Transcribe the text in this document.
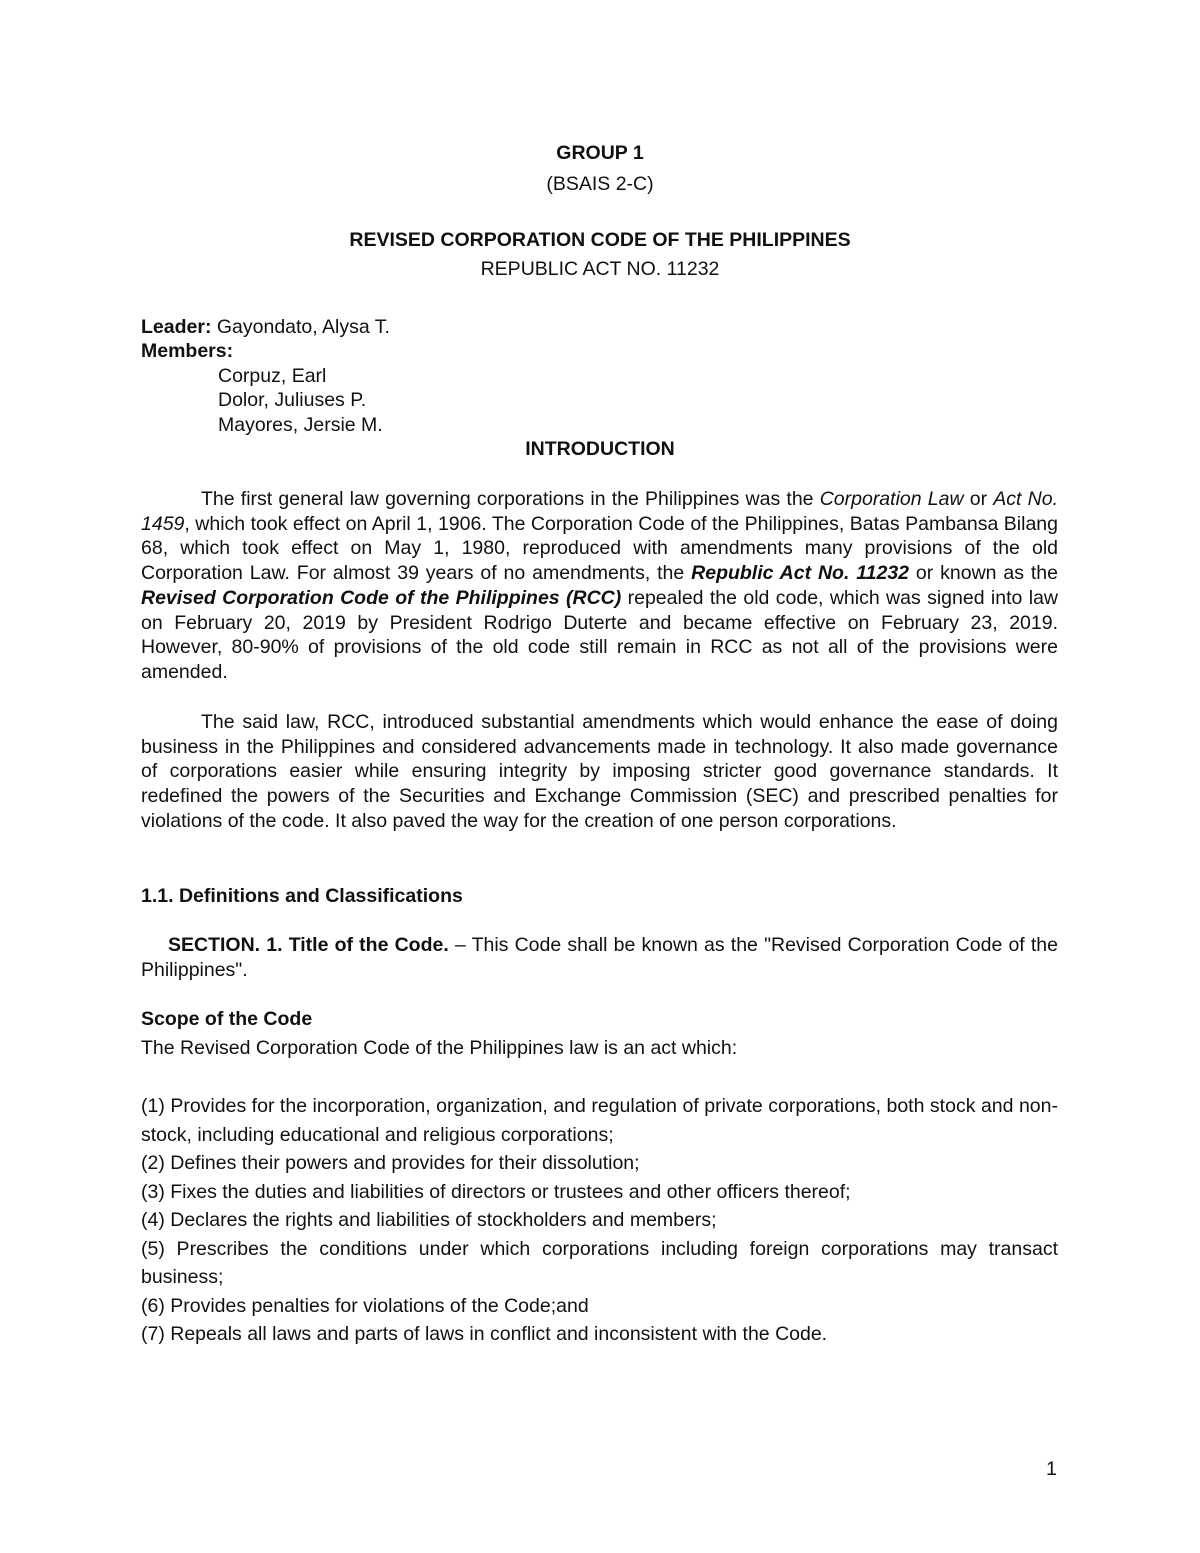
GROUP 1
(BSAIS 2-C)
REVISED CORPORATION CODE OF THE PHILIPPINES
REPUBLIC ACT NO. 11232
Leader: Gayondato, Alysa T.
Members:
Corpuz, Earl
Dolor, Juliuses P.
Mayores, Jersie M.
INTRODUCTION

The first general law governing corporations in the Philippines was the Corporation Law or Act No. 1459, which took effect on April 1, 1906. The Corporation Code of the Philippines, Batas Pambansa Bilang 68, which took effect on May 1, 1980, reproduced with amendments many provisions of the old Corporation Law. For almost 39 years of no amendments, the Republic Act No. 11232 or known as the Revised Corporation Code of the Philippines (RCC) repealed the old code, which was signed into law on February 20, 2019 by President Rodrigo Duterte and became effective on February 23, 2019. However, 80-90% of provisions of the old code still remain in RCC as not all of the provisions were amended.

The said law, RCC, introduced substantial amendments which would enhance the ease of doing business in the Philippines and considered advancements made in technology. It also made governance of corporations easier while ensuring integrity by imposing stricter good governance standards. It redefined the powers of the Securities and Exchange Commission (SEC) and prescribed penalties for violations of the code. It also paved the way for the creation of one person corporations.

1.1. Definitions and Classifications

SECTION. 1. Title of the Code. – This Code shall be known as the "Revised Corporation Code of the Philippines".

Scope of the Code
The Revised Corporation Code of the Philippines law is an act which:
(1) Provides for the incorporation, organization, and regulation of private corporations, both stock and non-stock, including educational and religious corporations;
(2) Defines their powers and provides for their dissolution;
(3) Fixes the duties and liabilities of directors or trustees and other officers thereof;
(4) Declares the rights and liabilities of stockholders and members;
(5) Prescribes the conditions under which corporations including foreign corporations may transact business;
(6) Provides penalties for violations of the Code;and
(7) Repeals all laws and parts of laws in conflict and inconsistent with the Code.
1
